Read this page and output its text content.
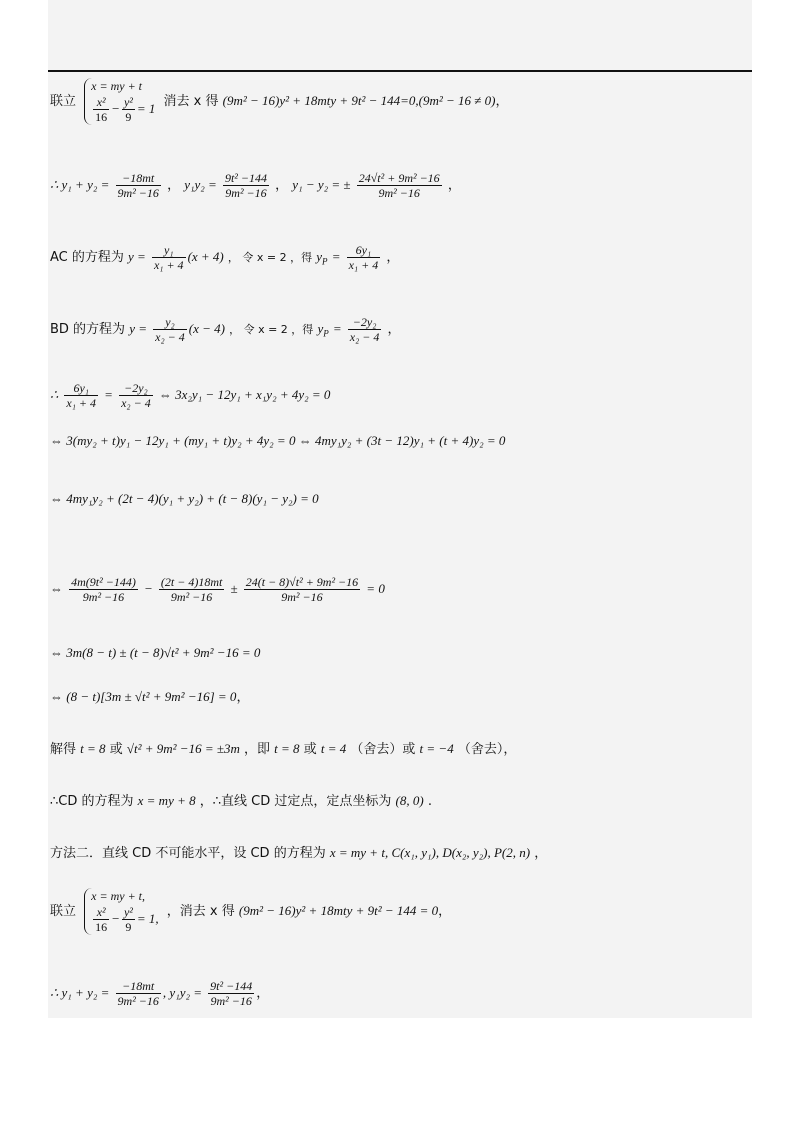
联立
x = my + t
$\frac{\text{x²}}{16} - \frac{\text{y²}}{9} = 1$ 消去 x 得 (9m² − 16)y² + 18mty + 9t² − 144=0,(9m² − 16 ≠ 0)，
∴ $y_1 + y_2 = \frac{-18mt}{\text{9m² −16}}$ ， $y_1y_2 = \frac{\text{9t² −144}}{\text{9m² −16}}$ ， y₁ − y₂ = ± $\frac{\text{24√t² + 9m² −16}}{\text{9m² −16}}$ ，
AC 的方程为 $y = \frac{\text{y₁}}{\text{x₁ + 4}} (x + 4)$ ， 令 x = 2 ，得 $y_P = \frac{\text{6y₁}}{\text{x₁ + 4}}$ ，
BD 的方程为 $y = \frac{\text{y₂}}{\text{x₂ − 4}} (x - 4)$ ， 令 x = 2 ，得 $y_P = \frac{\text{−2y₂}}{\text{x₂ − 4}}$ ，
∴ $\frac{\text{6y₁}}{\text{x₁ + 4}} = \frac{\text{−2y₂}}{\text{x₂ − 4}}$ ⇔ 3x₂y₁ − 12y₁ + x₁y₂ + 4y₂ = 0
⇔ 3(my₂ + t)y₁ − 12y₁ + (my₁ + t)y₂ + 4y₂ = 0 ⇔ 4my₁y₂ + (3t − 12)y₁ + (t + 4)y₂ = 0
⇔ 4my₁y₂ + (2t − 4)(y₁ + y₂) + (t − 8)(y₁ − y₂) = 0
⇔ $\frac{\text{4m(9t² −144)}}{\text{9m² −16}} - \frac{(2t - 4)18mt}{\text{9m² −16}} \pm \frac{\text{24(t − 8)√t² + 9m² −16}}{\text{9m² −16}} = 0$
⇔ 3m(8 − t) ± (t − 8)√t² + 9m² −16 = 0
⇔ (8 − t)[3m ± √t² + 9m² −16] = 0，
解得 t = 8 或 √t² + 9m² −16 = ±3m ，即 t = 8 或 t = 4 （舍去）或 t = −4 （舍去），
∴CD 的方程为 x = my + 8 ，∴直线 CD 过定点，定点坐标为 (8, 0) .
方法二．直线 CD 不可能水平，设 CD 的方程为 x = my + t, C(x₁, y₁), D(x₂, y₂), P(2, n) ，
联立
x = my + t,
$\frac{\text{x²}}{16} - \frac{\text{y²}}{9} = 1$, ，消去 x 得 (9m² − 16)y² + 18mty + 9t² − 144 = 0，
∴ $y_1 + y_2 = \frac{-18mt}{\text{9m² −16}}$ , $y_1y_2 = \frac{\text{9t² −144}}{\text{9m² −16}}$ ，
